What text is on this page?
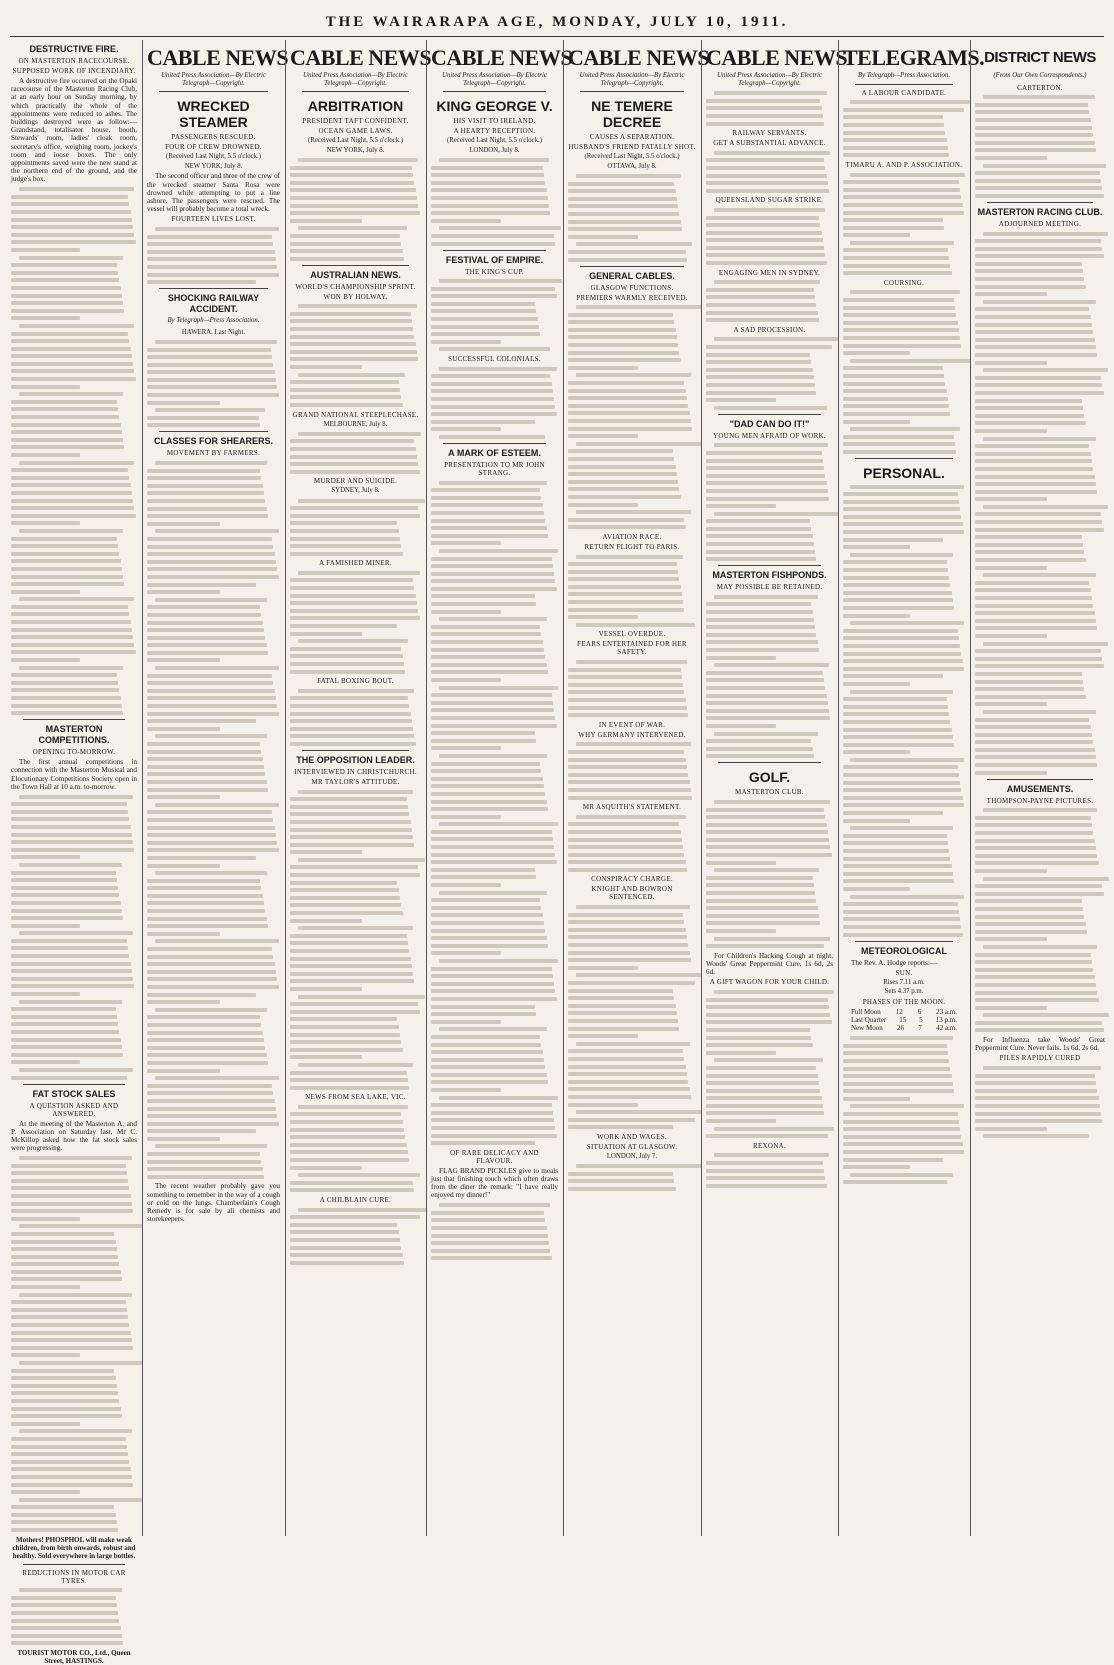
THE WAIRARAPA AGE, MONDAY, JULY 10, 1911.
DESTRUCTIVE FIRE.
ON MASTERTON RACECOURSE.
SUPPOSED WORK OF INCENDIARY.
A destructive fire occurred on the Opaki racecourse of the Masterton Racing Club, at an early hour on Sunday morning, by which practically the whole of the appointments were reduced to ashes. The buildings destroyed were as follow:— Grandstand, totalisator house, booth, Stewards' room, ladies' cloak room, secretary's office, weighing room, jockey's room and loose boxes. The only appointments saved were the new stand at the northern end of the ground, and the judge's box.
MASTERTON COMPETITIONS.
OPENING TO-MORROW.
The first annual competitions in connection with the Masterton Musical and Elocutionary Competitions Society open in the Town Hall at 10 a.m. to-morrow.
FAT STOCK SALES
A QUESTION ASKED AND ANSWERED.
At the meeting of the Masterton A. and P. Association on Saturday last, Mr C. McKillop asked how the fat stock sales were progressing.
Mothers! PHOSPHOL will make weak children, from birth onwards, robust and healthy. Sold everywhere in large bottles.
REDUCTIONS IN MOTOR CAR TYRES.
TOURIST MOTOR CO., Ltd., Queen Street, HASTINGS.
CABLE NEWS
United Press Association—By Electric Telegraph—Copyright.
WRECKED STEAMER
PASSENGERS RESCUED.
FOUR OF CREW DROWNED.
(Received Last Night, 5.5 o'clock.)
NEW YORK, July 8.
The second officer and three of the crew of the wrecked steamer Santa Rosa were drowned while attempting to put a line ashore. The passengers were rescued. The vessel will probably become a total wreck.
FOURTEEN LIVES LOST.
SHOCKING RAILWAY ACCIDENT.
By Telegraph—Press Association.
HAWERA, Last Night.
CLASSES FOR SHEARERS.
MOVEMENT BY FARMERS.
The recent weather probably gave you something to remember in the way of a cough or cold on the lungs. Chamberlain's Cough Remedy is for sale by all chemists and storekeepers.
CABLE NEWS
United Press Association—By Electric Telegraph—Copyright.
ARBITRATION
PRESIDENT TAFT CONFIDENT.
OCEAN GAME LAWS.
(Received Last Night, 5.5 o'clock.)
NEW YORK, July 8.
AUSTRALIAN NEWS.
WORLD'S CHAMPIONSHIP SPRINT.
WON BY HOLWAY.
GRAND NATIONAL STEEPLECHASE.
MELBOURNE, July 8.
MURDER AND SUICIDE.
SYDNEY, July 8.
A FAMISHED MINER.
FATAL BOXING BOUT.
THE OPPOSITION LEADER.
INTERVIEWED IN CHRISTCHURCH.
MR TAYLOR'S ATTITUDE.
NEWS FROM SEA LAKE, VIC.
A CHILBLAIN CURE.
CABLE NEWS
United Press Association—By Electric Telegraph—Copyright.
KING GEORGE V.
HIS VISIT TO IRELAND.
A HEARTY RECEPTION.
(Received Last Night, 5.5 o'clock.)
LONDON, July 8.
FESTIVAL OF EMPIRE.
THE KING'S CUP.
SUCCESSFUL COLONIALS.
A MARK OF ESTEEM.
PRESENTATION TO MR JOHN STRANG.
OF RARE DELICACY AND FLAVOUR.
FLAG BRAND PICKLES give to meals just that finishing touch which often draws from the diner the remark: "I have really enjoyed my dinner!"
CABLE NEWS
United Press Association—By Electric Telegraph—Copyright.
NE TEMERE DECREE
CAUSES A SEPARATION.
HUSBAND'S FRIEND FATALLY SHOT.
(Received Last Night, 5.5 o'clock.)
OTTAWA, July 8.
GENERAL CABLES.
GLASGOW FUNCTIONS.
PREMIERS WARMLY RECEIVED.
AVIATION RACE.
RETURN FLIGHT TO PARIS.
VESSEL OVERDUE.
FEARS ENTERTAINED FOR HER SAFETY.
IN EVENT OF WAR.
WHY GERMANY INTERVENED.
MR ASQUITH'S STATEMENT.
CONSPIRACY CHARGE.
KNIGHT AND BOWRON SENTENCED.
WORK AND WAGES.
SITUATION AT GLASGOW.
LONDON, July 7.
CABLE NEWS
United Press Association—By Electric Telegraph—Copyright.
RAILWAY SERVANTS.
GET A SUBSTANTIAL ADVANCE.
QUEENSLAND SUGAR STRIKE.
ENGAGING MEN IN SYDNEY.
A SAD PROCESSION.
"DAD CAN DO IT!"
YOUNG MEN AFRAID OF WORK.
MASTERTON FISHPONDS.
MAY POSSIBLE BE RETAINED.
GOLF.
MASTERTON CLUB.
For Children's Hacking Cough at night, Woods' Great Peppermint Cure, 1s 6d, 2s 6d.
A GIFT WAGON FOR YOUR CHILD.
REXONA.
TELEGRAMS.
By Telegraph—Press Association.
A LABOUR CANDIDATE.
TIMARU A. AND P. ASSOCIATION.
COURSING.
PERSONAL.
METEOROLOGICAL
The Rev. A. Hodge reports:—
SUN.
Rises 7.11 a.m.
Sets 4.37 p.m.
PHASES OF THE MOON.
Full Moon 12 6 23 a.m.
Last Quarter 15 5 13 p.m.
New Moon 26 7 42 a.m.
DISTRICT NEWS
(From Our Own Correspondents.)
CARTERTON.
MASTERTON RACING CLUB.
ADJOURNED MEETING.
AMUSEMENTS.
THOMPSON-PAYNE PICTURES.
For Influenza take Woods' Great Peppermint Cure. Never fails. 1s 6d, 2s 6d.
PILES RAPIDLY CURED
